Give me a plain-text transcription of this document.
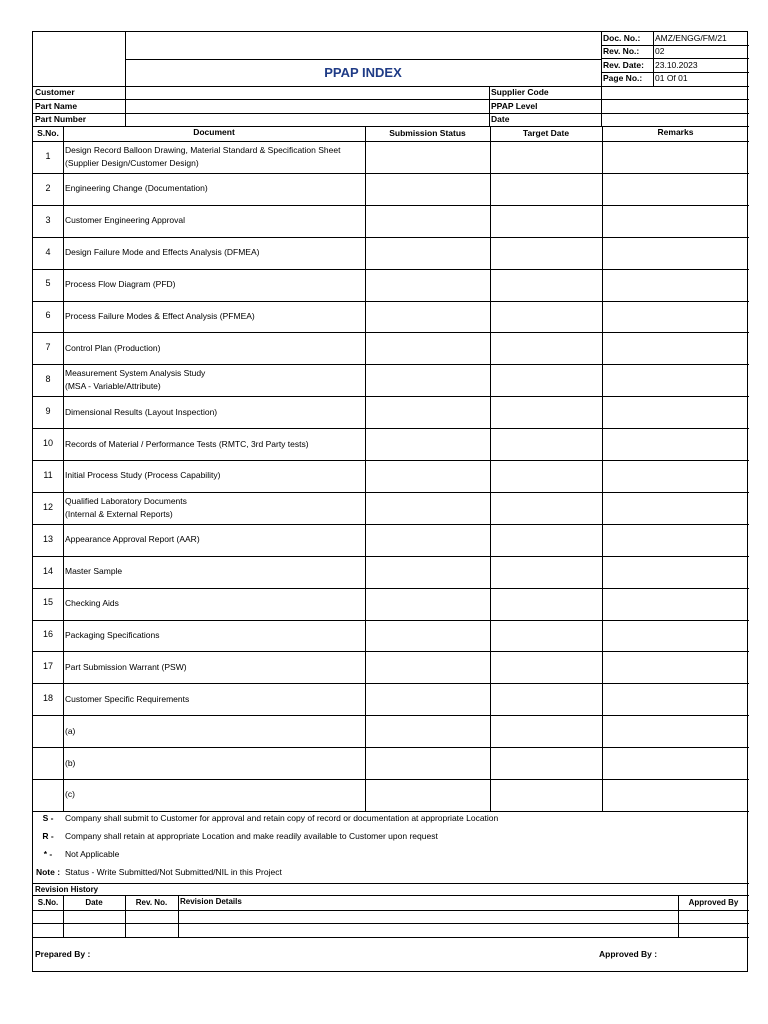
PPAP INDEX
Doc. No.: AMZ/ENGG/FM/21
Rev. No.: 02
Rev. Date: 23.10.2023
Page No.: 01 Of 01
Customer
Part Name
Part Number
Supplier Code
PPAP Level
Date
S.No.	Document	Submission Status	Target Date	Remarks
1
Design Record Balloon Drawing, Material Standard & Specification Sheet (Supplier Design/Customer Design)
2	Engineering Change (Documentation)
3	Customer Engineering Approval
4	Design Failure Mode and Effects Analysis (DFMEA)
5	Process Flow Diagram (PFD)
6	Process Failure Modes & Effect Analysis (PFMEA)
7	Control Plan (Production)
8
Measurement System Analysis Study
(MSA - Variable/Attribute)
9	Dimensional Results (Layout Inspection)
10	Records of Material / Performance Tests (RMTC, 3rd Party tests)
11	Initial Process Study (Process Capability)
12
Qualified Laboratory Documents
(Internal & External Reports)
13	Appearance Approval Report (AAR)
14	Master Sample
15	Checking Aids
16	Packaging Specifications
17	Part Submission Warrant (PSW)
18	Customer Specific Requirements
(a)
(b)
(c)
S -	Company shall submit to Customer for approval and retain copy of record or documentation at appropriate Location
R -	Company shall retain at appropriate Location and make readily available to Customer upon request
* -	Not Applicable
Note : Status - Write Submitted/Not Submitted/NIL in this Project
Revision History
S.No.	Date	Rev. No.	Revision Details	Approved By
Prepared By :	Approved By :
